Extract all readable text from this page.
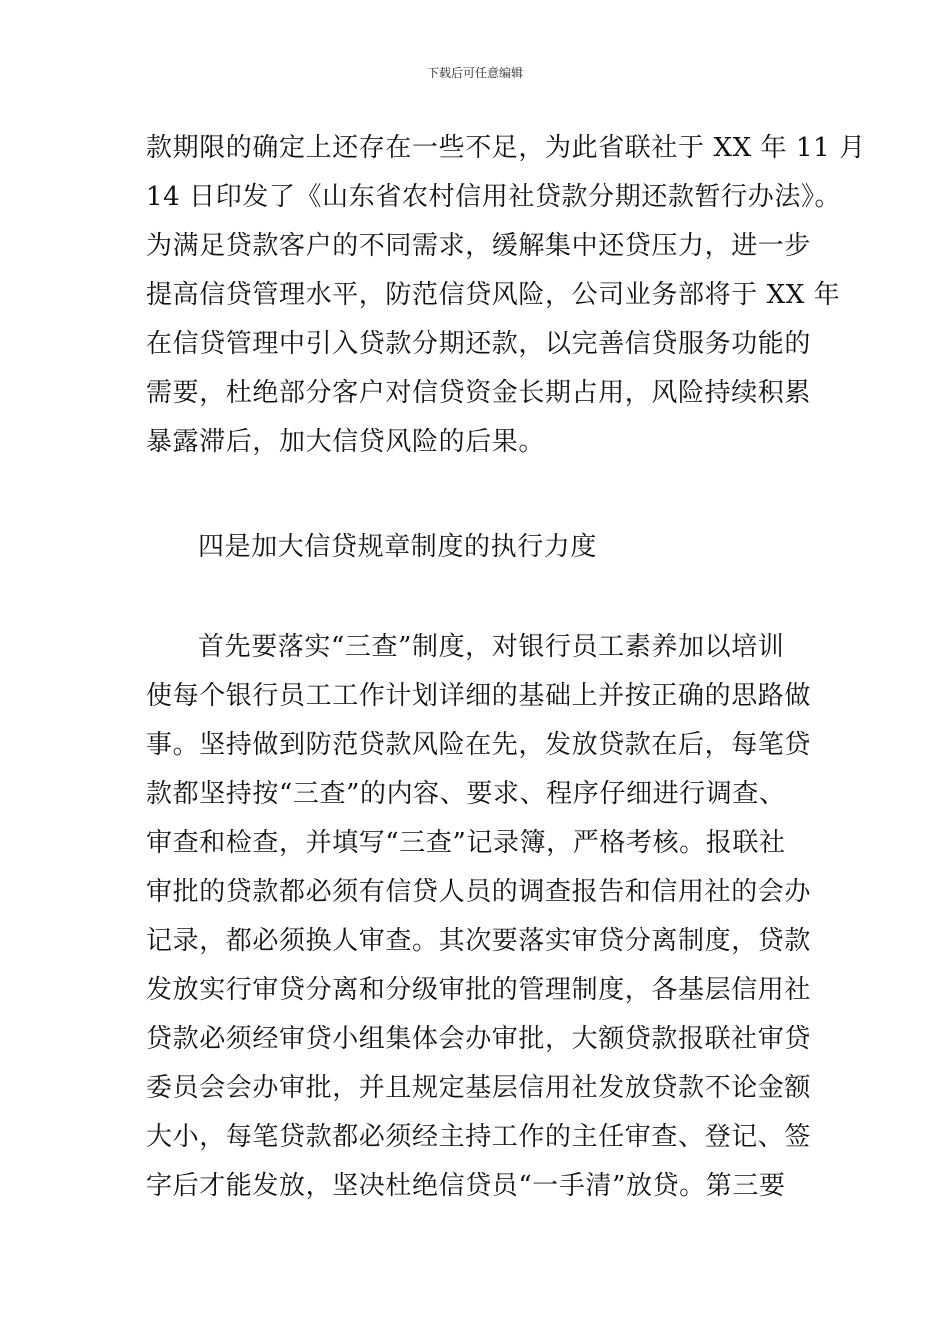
下载后可任意编辑
款期限的确定上还存在一些不足，为此省联社于 XX 年 11 月
14 日印发了《山东省农村信用社贷款分期还款暂行办法》。
为满足贷款客户的不同需求，缓解集中还贷压力，进一步
提高信贷管理水平，防范信贷风险，公司业务部将于 XX 年
在信贷管理中引入贷款分期还款，以完善信贷服务功能的
需要，杜绝部分客户对信贷资金长期占用，风险持续积累
暴露滞后，加大信贷风险的后果。
四是加大信贷规章制度的执行力度
首先要落实“三查”制度，对银行员工素养加以培训
使每个银行员工工作计划详细的基础上并按正确的思路做
事。坚持做到防范贷款风险在先，发放贷款在后，每笔贷
款都坚持按“三查”的内容、要求、程序仔细进行调查、
审查和检查，并填写“三查”记录簿，严格考核。报联社
审批的贷款都必须有信贷人员的调查报告和信用社的会办
记录，都必须换人审查。其次要落实审贷分离制度，贷款
发放实行审贷分离和分级审批的管理制度，各基层信用社
贷款必须经审贷小组集体会办审批，大额贷款报联社审贷
委员会会办审批，并且规定基层信用社发放贷款不论金额
大小，每笔贷款都必须经主持工作的主任审查、登记、签
字后才能发放，坚决杜绝信贷员“一手清”放贷。第三要
